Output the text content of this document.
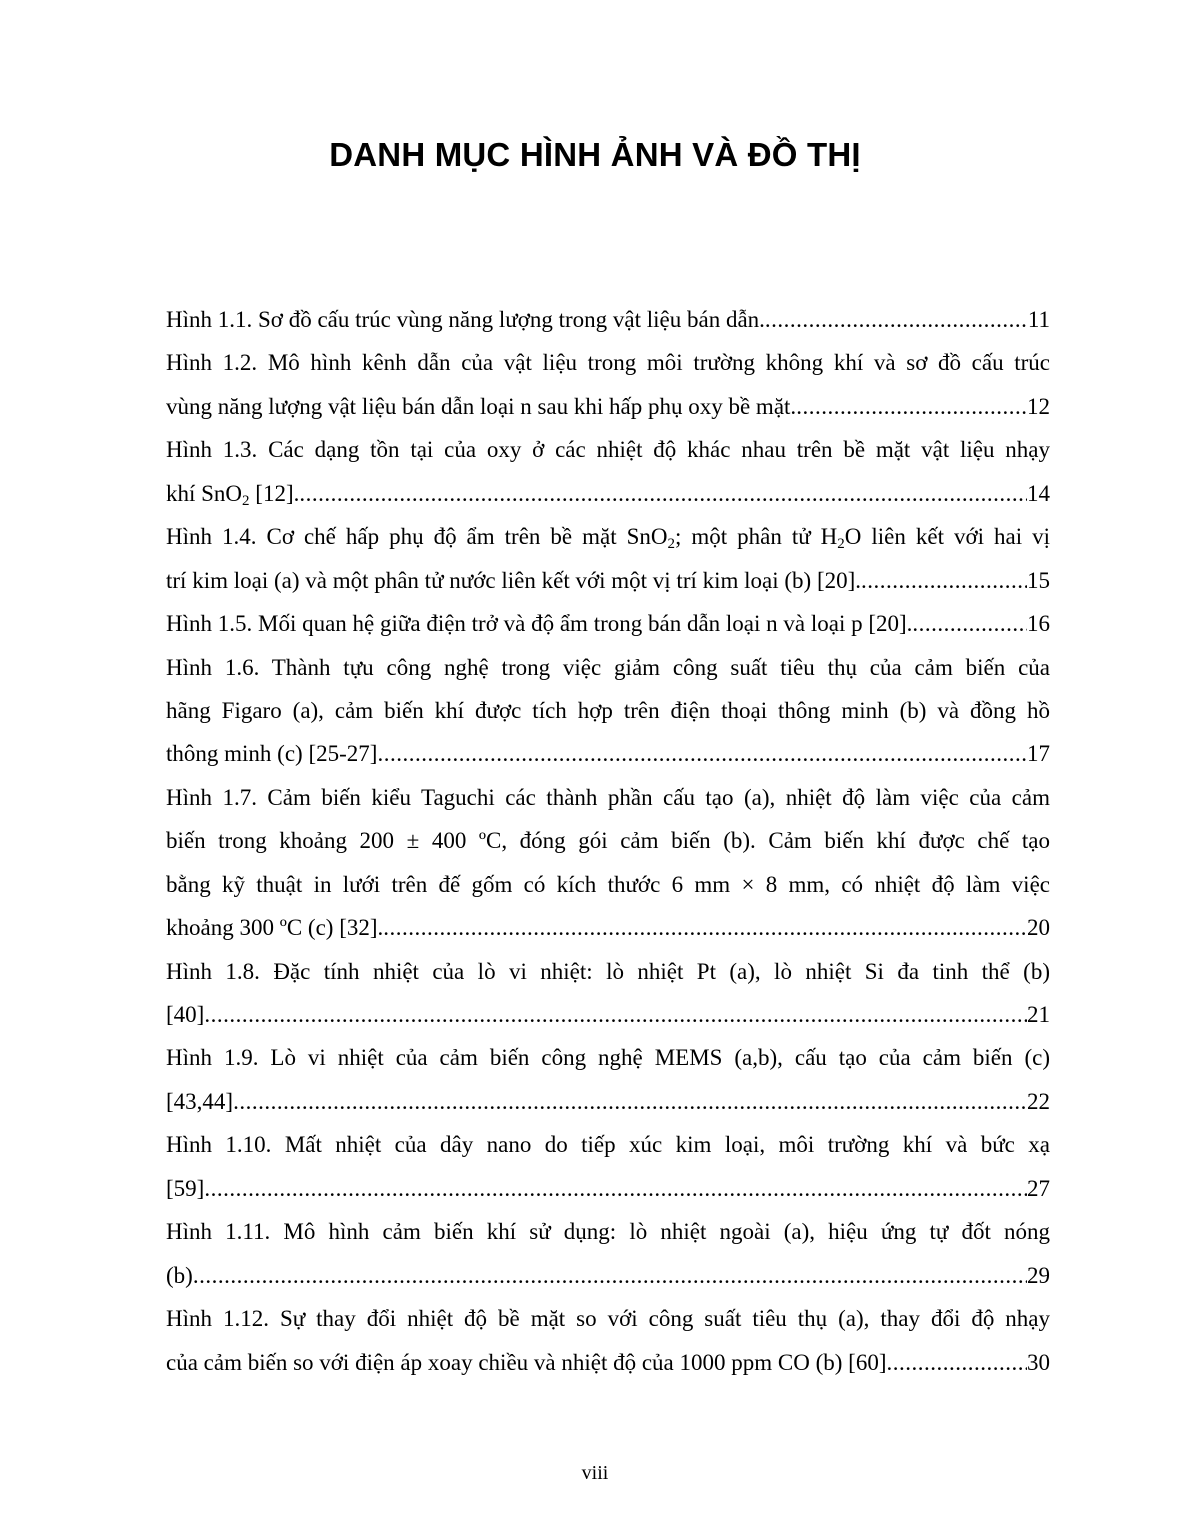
DANH MỤC HÌNH ẢNH VÀ ĐỒ THỊ
Hình 1.1. Sơ đồ cấu trúc vùng năng lượng trong vật liệu bán dẫn. .....	11
Hình 1.2. Mô hình kênh dẫn của vật liệu trong môi trường không khí và sơ đồ cấu trúc
vùng năng lượng vật liệu bán dẫn loại n sau khi hấp phụ oxy bề mặt. .....	12
Hình 1.3. Các dạng tồn tại của oxy ở các nhiệt độ khác nhau trên bề mặt vật liệu nhạy
khí SnO$_2$ [12]. .....	14
Hình 1.4. Cơ chế hấp phụ độ ẩm trên bề mặt SnO$_2$; một phân tử $H_2O$ liên kết với hai vị
trí kim loại (a) và một phân tử nước liên kết với một vị trí kim loại (b) [20]. .....	15
Hình 1.5. Mối quan hệ giữa điện trở và độ ẩm trong bán dẫn loại n và loại p [20]. .....	16
Hình 1.6. Thành tựu công nghệ trong việc giảm công suất tiêu thụ của cảm biến của
hãng Figaro (a), cảm biến khí được tích hợp trên điện thoại thông minh (b) và đồng hồ
thông minh (c) [25-27] .....	17
Hình 1.7. Cảm biến kiểu Taguchi các thành phần cấu tạo (a), nhiệt độ làm việc của cảm
biến trong khoảng 200 ± 400 ºC, đóng gói cảm biến (b). Cảm biến khí được chế tạo
bằng kỹ thuật in lưới trên đế gốm có kích thước 6 mm × 8 mm, có nhiệt độ làm việc
khoảng 300 ºC (c) [32]. .....	20
Hình 1.8. Đặc tính nhiệt của lò vi nhiệt: lò nhiệt Pt (a), lò nhiệt Si đa tinh thể (b)
[40] .....	21
Hình 1.9. Lò vi nhiệt của cảm biến công nghệ MEMS (a,b), cấu tạo của cảm biến (c)
[43,44] .....	22
Hình 1.10. Mất nhiệt của dây nano do tiếp xúc kim loại, môi trường khí và bức xạ
[59] .....	27
Hình 1.11. Mô hình cảm biến khí sử dụng: lò nhiệt ngoài (a), hiệu ứng tự đốt nóng
(b) .....	29
Hình 1.12. Sự thay đổi nhiệt độ bề mặt so với công suất tiêu thụ (a), thay đổi độ nhạy
của cảm biến so với điện áp xoay chiều và nhiệt độ của 1000 ppm CO (b) [60] .....	30
viii
